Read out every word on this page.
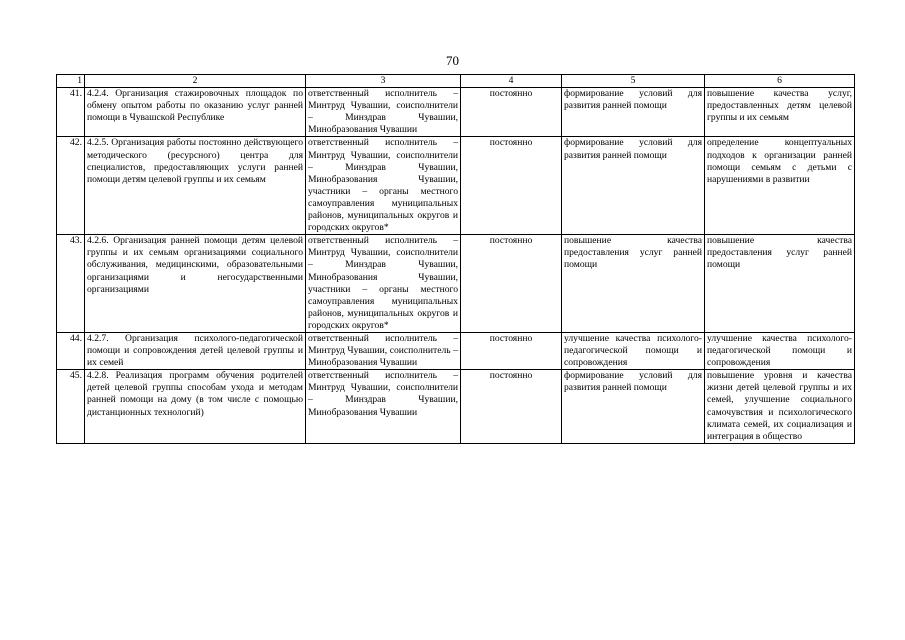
70
1	2	3	4	5	6
41.	4.2.4. Организация стажировочных площадок по обмену опытом работы по оказанию услуг ранней помощи в Чувашской Республике	ответственный исполнитель – Минтруд Чувашии, соисполнители – Минздрав Чувашии, Минобразования Чувашии	постоянно	формирование условий для развития ранней помощи	повышение качества услуг, предоставленных детям целевой группы и их семьям
42.	4.2.5. Организация работы постоянно действующего методического (ресурсного) центра для специалистов, предоставляющих услуги ранней помощи детям целевой группы и их семьям	ответственный исполнитель – Минтруд Чувашии, соисполнители – Минздрав Чувашии, Минобразования Чувашии, участники – органы местного самоуправления муниципальных районов, муниципальных округов и городских округов*	постоянно	формирование условий для развития ранней помощи	определение концептуальных подходов к организации ранней помощи семьям с детьми с нарушениями в развитии
43.	4.2.6. Организация ранней помощи детям целевой группы и их семьям организациями социального обслуживания, медицинскими, образовательными организациями и негосударственными организациями	ответственный исполнитель – Минтруд Чувашии, соисполнители – Минздрав Чувашии, Минобразования Чувашии, участники – органы местного самоуправления муниципальных районов, муниципальных округов и городских округов*	постоянно	повышение качества предоставления услуг ранней помощи	повышение качества предоставления услуг ранней помощи
44.	4.2.7. Организация психолого-педагогической помощи и сопровождения детей целевой группы и их семей	ответственный исполнитель – Минтруд Чувашии, соисполнитель – Минобразования Чувашии	постоянно	улучшение качества психолого-педагогической помощи и сопровождения	улучшение качества психолого-педагогической помощи и сопровождения
45.	4.2.8. Реализация программ обучения родителей детей целевой группы способам ухода и методам ранней помощи на дому (в том числе с помощью дистанционных технологий)	ответственный исполнитель – Минтруд Чувашии, соисполнители – Минздрав Чувашии, Минобразования Чувашии	постоянно	формирование условий для развития ранней помощи	повышение уровня и качества жизни детей целевой группы и их семей, улучшение социального самочувствия и психологического климата семей, их социализация и интеграция в общество
